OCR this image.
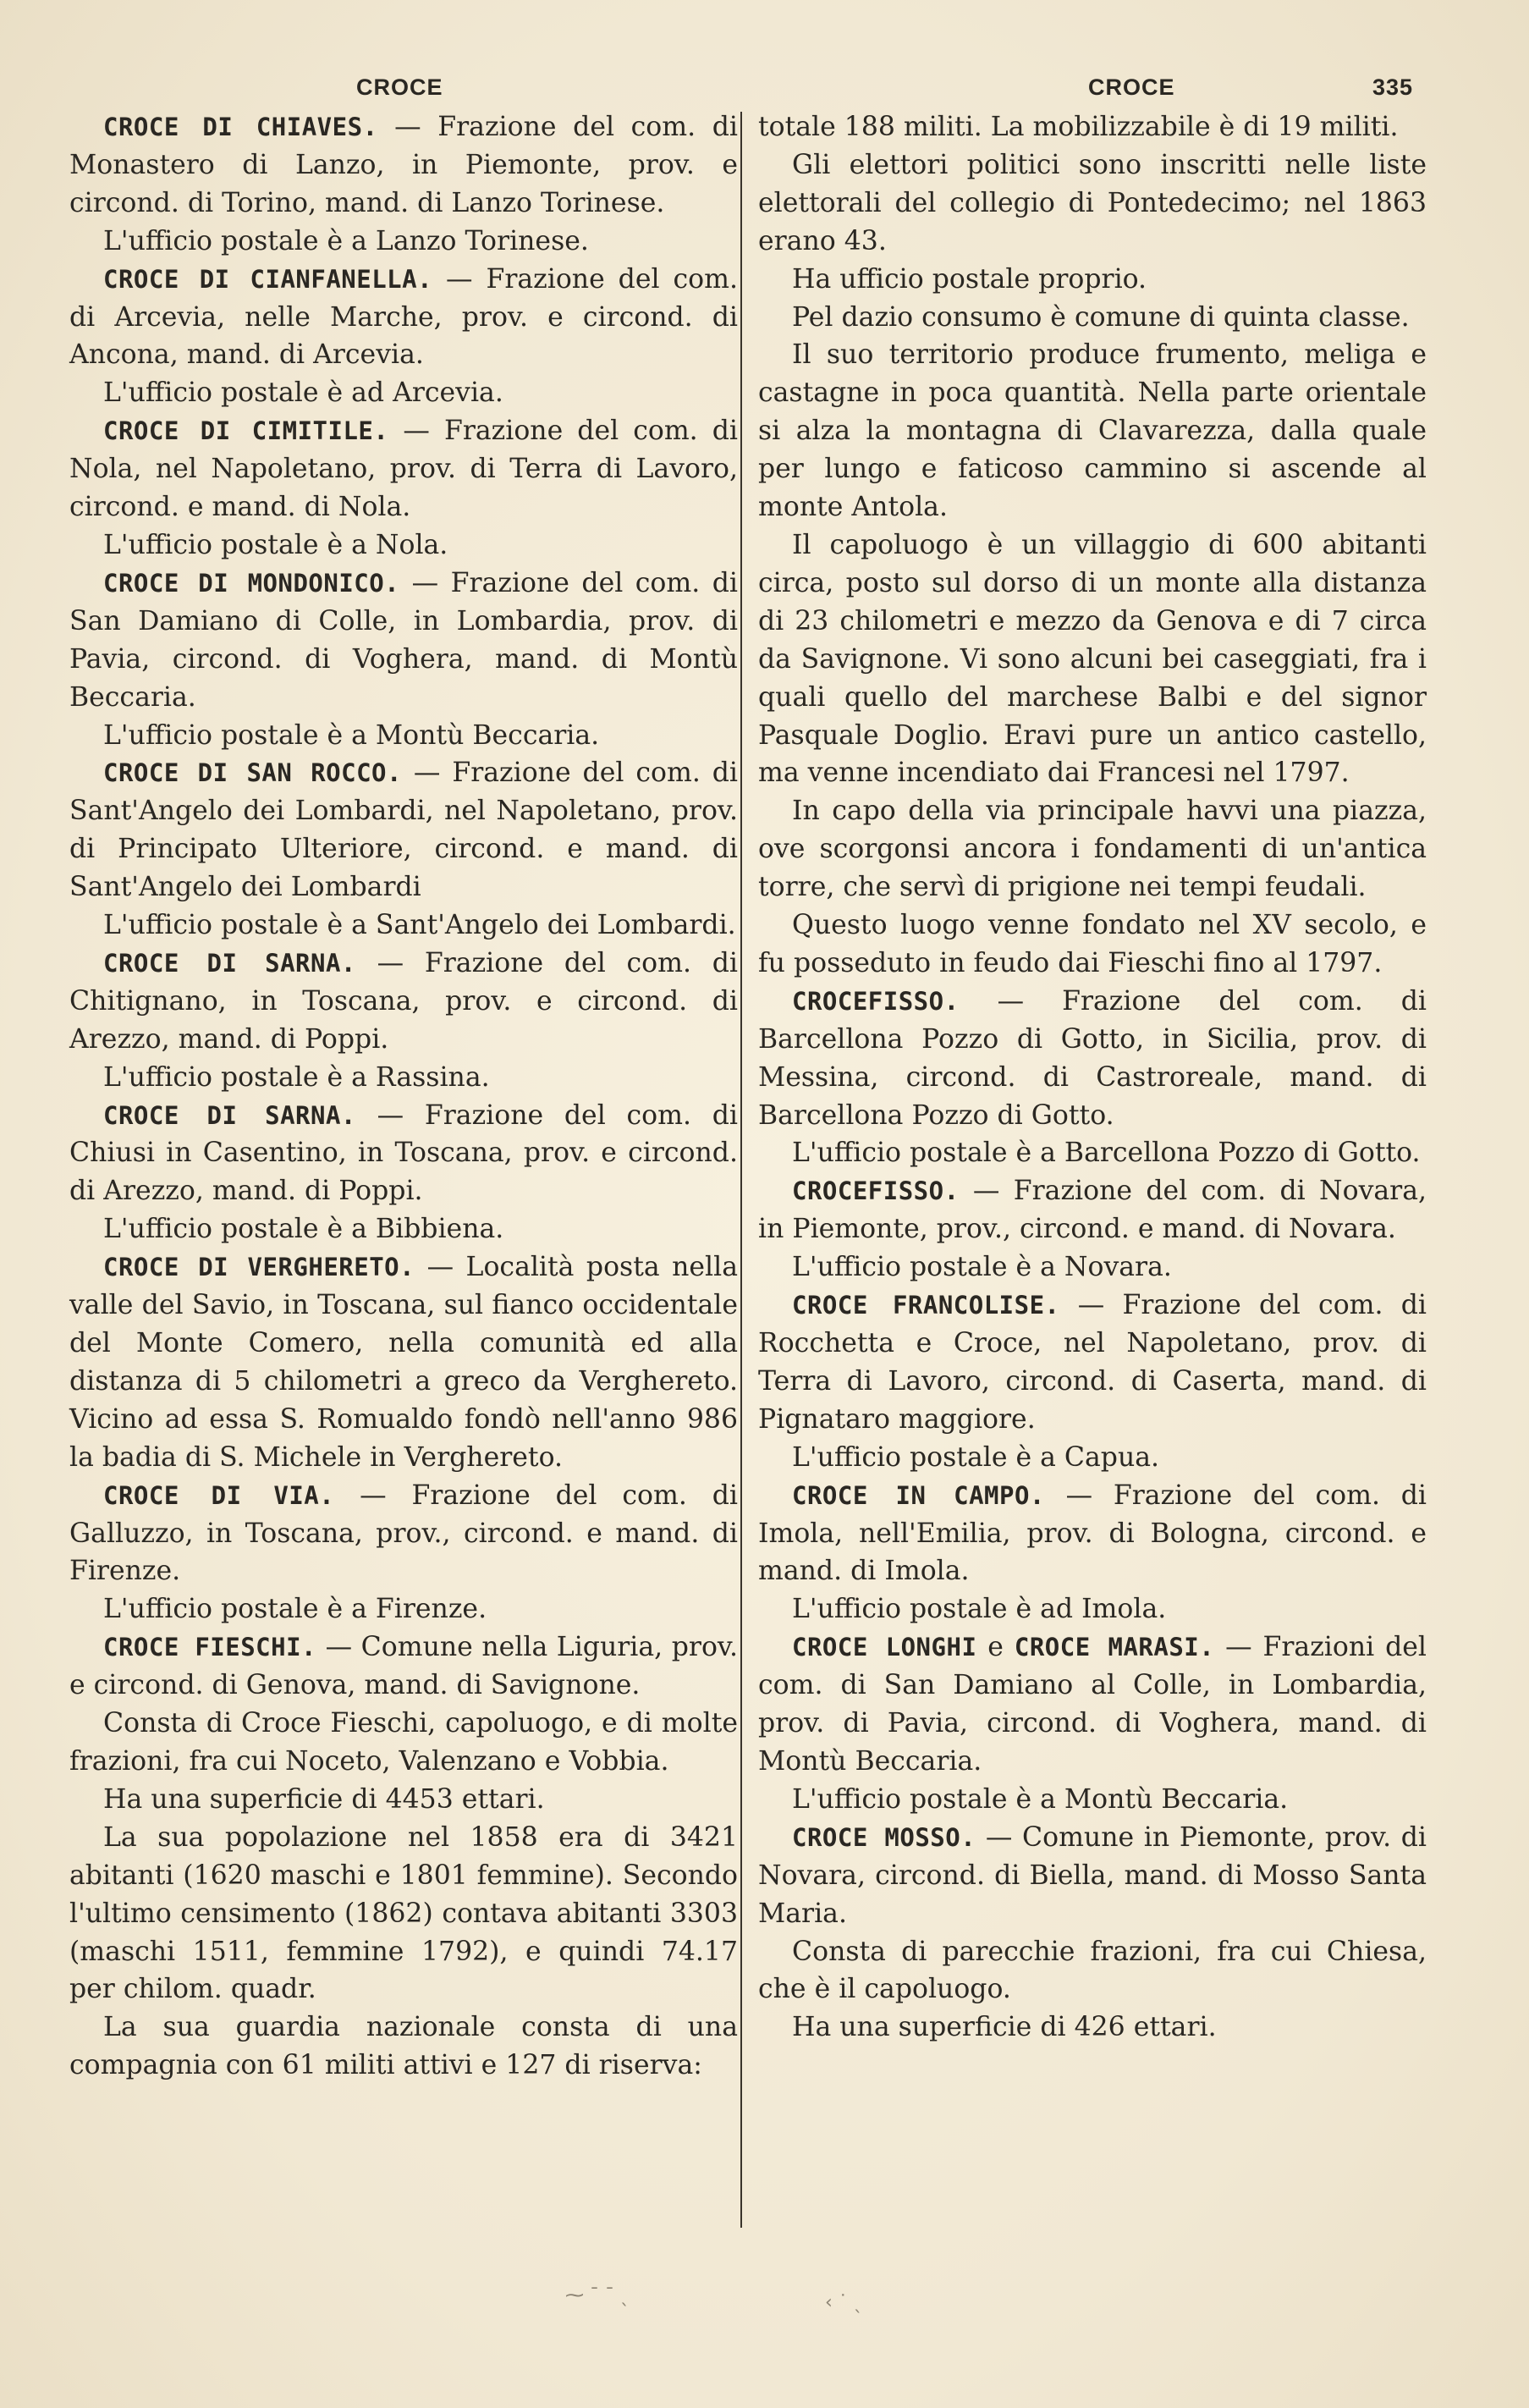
CROCE	CROCE	335

CROCE DI CHIAVES. — Frazione del com. di Monastero di Lanzo, in Piemonte, prov. e circond. di Torino, mand. di Lanzo Torinese.

L'ufficio postale è a Lanzo Torinese.

CROCE DI CIANFANELLA. — Frazione del com. di Arcevia, nelle Marche, prov. e circond. di Ancona, mand. di Arcevia.

L'ufficio postale è ad Arcevia.

CROCE DI CIMITILE. — Frazione del com. di Nola, nel Napoletano, prov. di Terra di Lavoro, circond. e mand. di Nola.

L'ufficio postale è a Nola.

CROCE DI MONDONICO. — Frazione del com. di San Damiano di Colle, in Lombardia, prov. di Pavia, circond. di Voghera, mand. di Montù Beccaria.

L'ufficio postale è a Montù Beccaria.

CROCE DI SAN ROCCO. — Frazione del com. di Sant'Angelo dei Lombardi, nel Napoletano, prov. di Principato Ulteriore, circond. e mand. di Sant'Angelo dei Lombardi

L'ufficio postale è a Sant'Angelo dei Lombardi.

CROCE DI SARNA. — Frazione del com. di Chitignano, in Toscana, prov. e circond. di Arezzo, mand. di Poppi.

L'ufficio postale è a Rassina.

CROCE DI SARNA. — Frazione del com. di Chiusi in Casentino, in Toscana, prov. e circond. di Arezzo, mand. di Poppi.

L'ufficio postale è a Bibbiena.

CROCE DI VERGHERETO. — Località posta nella valle del Savio, in Toscana, sul fianco occidentale del Monte Comero, nella comunità ed alla distanza di 5 chilometri a greco da Verghereto. Vicino ad essa S. Romualdo fondò nell'anno 986 la badia di S. Michele in Verghereto.

CROCE DI VIA. — Frazione del com. di Galluzzo, in Toscana, prov., circond. e mand. di Firenze.

L'ufficio postale è a Firenze.

CROCE FIESCHI. — Comune nella Liguria, prov. e circond. di Genova, mand. di Savignone.

Consta di Croce Fieschi, capoluogo, e di molte frazioni, fra cui Noceto, Valenzano e Vobbia.

Ha una superficie di 4453 ettari.

La sua popolazione nel 1858 era di 3421 abitanti (1620 maschi e 1801 femmine). Secondo l'ultimo censimento (1862) contava abitanti 3303 (maschi 1511, femmine 1792), e quindi 74.17 per chilom. quadr.

La sua guardia nazionale consta di una compagnia con 61 militi attivi e 127 di riserva:

totale 188 militi. La mobilizzabile è di 19 militi.

Gli elettori politici sono inscritti nelle liste elettorali del collegio di Pontedecimo; nel 1863 erano 43.

Ha ufficio postale proprio.

Pel dazio consumo è comune di quinta classe.

Il suo territorio produce frumento, meliga e castagne in poca quantità. Nella parte orientale si alza la montagna di Clavarezza, dalla quale per lungo e faticoso cammino si ascende al monte Antola.

Il capoluogo è un villaggio di 600 abitanti circa, posto sul dorso di un monte alla distanza di 23 chilometri e mezzo da Genova e di 7 circa da Savignone. Vi sono alcuni bei caseggiati, fra i quali quello del marchese Balbi e del signor Pasquale Doglio. Eravi pure un antico castello, ma venne incendiato dai Francesi nel 1797.

In capo della via principale havvi una piazza, ove scorgonsi ancora i fondamenti di un'antica torre, che servì di prigione nei tempi feudali.

Questo luogo venne fondato nel XV secolo, e fu posseduto in feudo dai Fieschi fino al 1797.

CROCEFISSO. — Frazione del com. di Barcellona Pozzo di Gotto, in Sicilia, prov. di Messina, circond. di Castroreale, mand. di Barcellona Pozzo di Gotto.

L'ufficio postale è a Barcellona Pozzo di Gotto.

CROCEFISSO. — Frazione del com. di Novara, in Piemonte, prov., circond. e mand. di Novara.

L'ufficio postale è a Novara.

CROCE FRANCOLISE. — Frazione del com. di Rocchetta e Croce, nel Napoletano, prov. di Terra di Lavoro, circond. di Caserta, mand. di Pignataro maggiore.

L'ufficio postale è a Capua.

CROCE IN CAMPO. — Frazione del com. di Imola, nell'Emilia, prov. di Bologna, circond. e mand. di Imola.

L'ufficio postale è ad Imola.

CROCE LONGHI e CROCE MARASI. — Frazioni del com. di San Damiano al Colle, in Lombardia, prov. di Pavia, circond. di Voghera, mand. di Montù Beccaria.

L'ufficio postale è a Montù Beccaria.

CROCE MOSSO. — Comune in Piemonte, prov. di Novara, circond. di Biella, mand. di Mosso Santa Maria.

Consta di parecchie frazioni, fra cui Chiesa, che è il capoluogo.

Ha una superficie di 426 ettari.

⁓ ˉ ˉ ˎ	‹ ˙ ˎ
